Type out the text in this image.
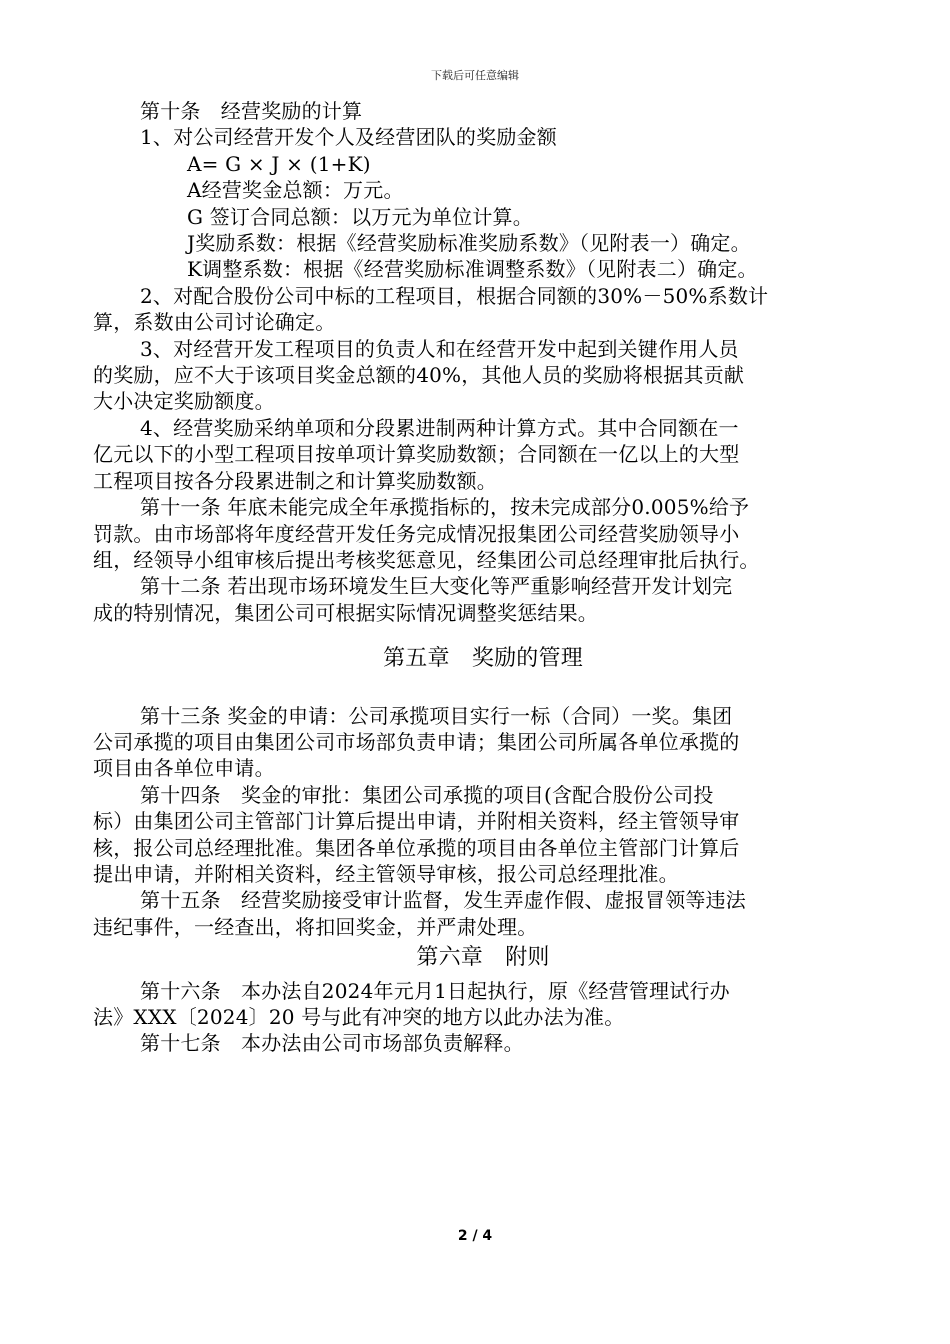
下载后可任意编辑
第十条　经营奖励的计算
1、对公司经营开发个人及经营团队的奖励金额
A= G × J × (1+K)
A经营奖金总额：万元。
G 签订合同总额：以万元为单位计算。
J奖励系数：根据《经营奖励标准奖励系数》（见附表一）确定。
K调整系数：根据《经营奖励标准调整系数》（见附表二）确定。
2、对配合股份公司中标的工程项目，根据合同额的30%－50%系数计
算，系数由公司讨论确定。
3、对经营开发工程项目的负责人和在经营开发中起到关键作用人员
的奖励，应不大于该项目奖金总额的40%，其他人员的奖励将根据其贡献
大小决定奖励额度。
4、经营奖励采纳单项和分段累进制两种计算方式。其中合同额在一
亿元以下的小型工程项目按单项计算奖励数额；合同额在一亿以上的大型
工程项目按各分段累进制之和计算奖励数额。
第十一条 年底未能完成全年承揽指标的，按未完成部分0.005%给予
罚款。由市场部将年度经营开发任务完成情况报集团公司经营奖励领导小
组，经领导小组审核后提出考核奖惩意见，经集团公司总经理审批后执行。
第十二条 若出现市场环境发生巨大变化等严重影响经营开发计划完
成的特别情况，集团公司可根据实际情况调整奖惩结果。
第五章　奖励的管理
第十三条 奖金的申请：公司承揽项目实行一标（合同）一奖。集团
公司承揽的项目由集团公司市场部负责申请；集团公司所属各单位承揽的
项目由各单位申请。
第十四条　奖金的审批：集团公司承揽的项目(含配合股份公司投
标）由集团公司主管部门计算后提出申请，并附相关资料，经主管领导审
核，报公司总经理批准。集团各单位承揽的项目由各单位主管部门计算后
提出申请，并附相关资料，经主管领导审核，报公司总经理批准。
第十五条　经营奖励接受审计监督，发生弄虚作假、虚报冒领等违法
违纪事件，一经查出，将扣回奖金，并严肃处理。
第六章　附则
第十六条　本办法自2024年元月1日起执行，原《经营管理试行办
法》XXX〔2024〕20 号与此有冲突的地方以此办法为准。
第十七条　本办法由公司市场部负责解释。
2 / 4
